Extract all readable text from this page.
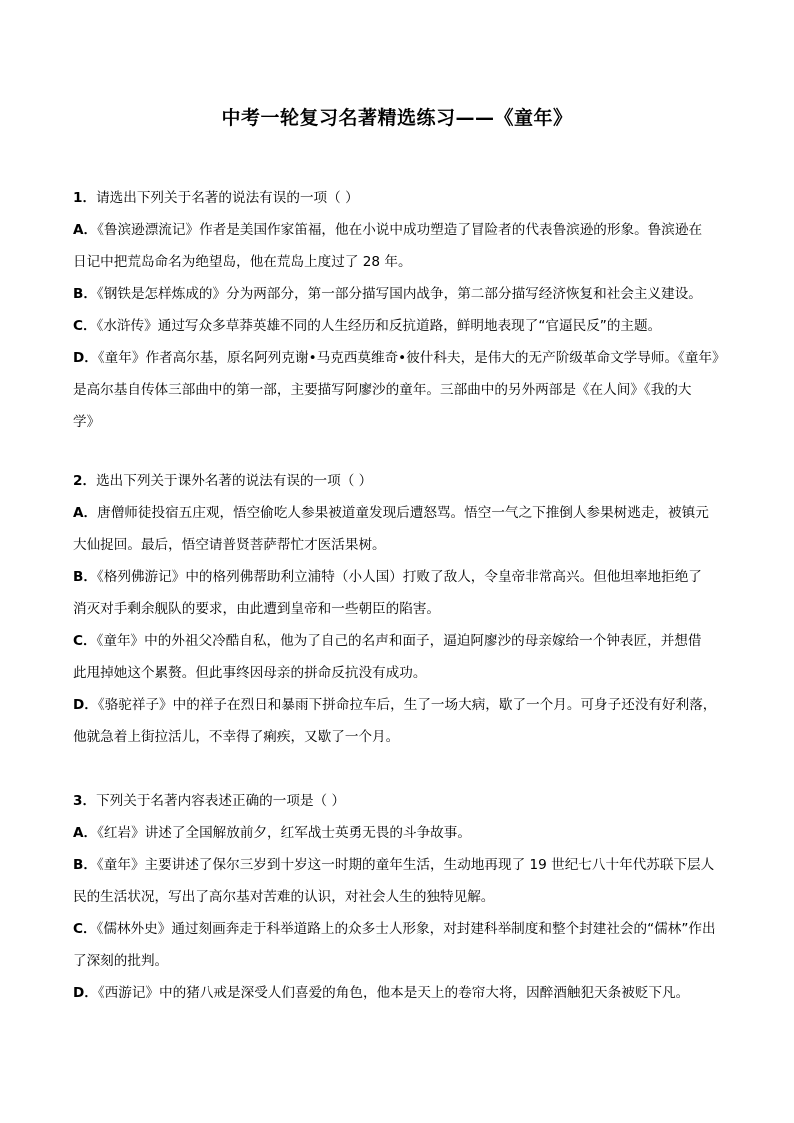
中考一轮复习名著精选练习——《童年》
1．请选出下列关于名著的说法有误的一项（ ）
A．《鲁滨逊漂流记》作者是美国作家笛福，他在小说中成功塑造了冒险者的代表鲁滨逊的形象。鲁滨逊在
日记中把荒岛命名为绝望岛，他在荒岛上度过了 28 年。
B．《钢铁是怎样炼成的》分为两部分，第一部分描写国内战争，第二部分描写经济恢复和社会主义建设。
C．《水浒传》通过写众多草莽英雄不同的人生经历和反抗道路，鲜明地表现了“官逼民反”的主题。
D．《童年》作者高尔基，原名阿列克谢•马克西莫维奇•彼什科夫，是伟大的无产阶级革命文学导师。《童年》
是高尔基自传体三部曲中的第一部，主要描写阿廖沙的童年。三部曲中的另外两部是《在人间》《我的大
学》
2．选出下列关于课外名著的说法有误的一项（ ）
A．唐僧师徒投宿五庄观，悟空偷吃人参果被道童发现后遭怒骂。悟空一气之下推倒人参果树逃走，被镇元
大仙捉回。最后，悟空请普贤菩萨帮忙才医活果树。
B．《格列佛游记》中的格列佛帮助利立浦特（小人国）打败了敌人，令皇帝非常高兴。但他坦率地拒绝了
消灭对手剩余舰队的要求，由此遭到皇帝和一些朝臣的陷害。
C．《童年》中的外祖父冷酷自私，他为了自己的名声和面子，逼迫阿廖沙的母亲嫁给一个钟表匠，并想借
此甩掉她这个累赘。但此事终因母亲的拼命反抗没有成功。
D．《骆驼祥子》中的祥子在烈日和暴雨下拼命拉车后，生了一场大病，歇了一个月。可身子还没有好利落，
他就急着上街拉活儿，不幸得了痢疾，又歇了一个月。
3．下列关于名著内容表述正确的一项是（ ）
A．《红岩》讲述了全国解放前夕，红军战士英勇无畏的斗争故事。
B．《童年》主要讲述了保尔三岁到十岁这一时期的童年生活，生动地再现了 19 世纪七八十年代苏联下层人
民的生活状况，写出了高尔基对苦难的认识，对社会人生的独特见解。
C．《儒林外史》通过刻画奔走于科举道路上的众多士人形象，对封建科举制度和整个封建社会的“儒林”作出
了深刻的批判。
D．《西游记》中的猪八戒是深受人们喜爱的角色，他本是天上的卷帘大将，因醉酒触犯天条被贬下凡。
